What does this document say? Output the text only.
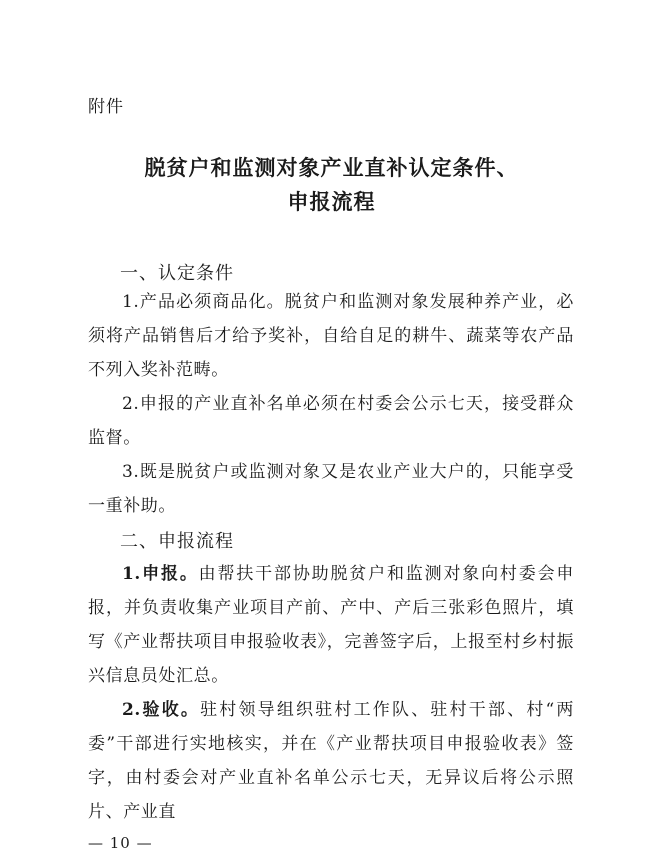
附件
脱贫户和监测对象产业直补认定条件、
申报流程
一、认定条件
1.产品必须商品化。脱贫户和监测对象发展种养产业，必须将产品销售后才给予奖补，自给自足的耕牛、蔬菜等农产品不列入奖补范畴。
2.申报的产业直补名单必须在村委会公示七天，接受群众监督。
3.既是脱贫户或监测对象又是农业产业大户的，只能享受一重补助。
二、申报流程
1.申报。由帮扶干部协助脱贫户和监测对象向村委会申报，并负责收集产业项目产前、产中、产后三张彩色照片，填写《产业帮扶项目申报验收表》，完善签字后，上报至村乡村振兴信息员处汇总。
2.验收。驻村领导组织驻村工作队、驻村干部、村“两委”干部进行实地核实，并在《产业帮扶项目申报验收表》签字，由村委会对产业直补名单公示七天，无异议后将公示照片、产业直
— 10 —
